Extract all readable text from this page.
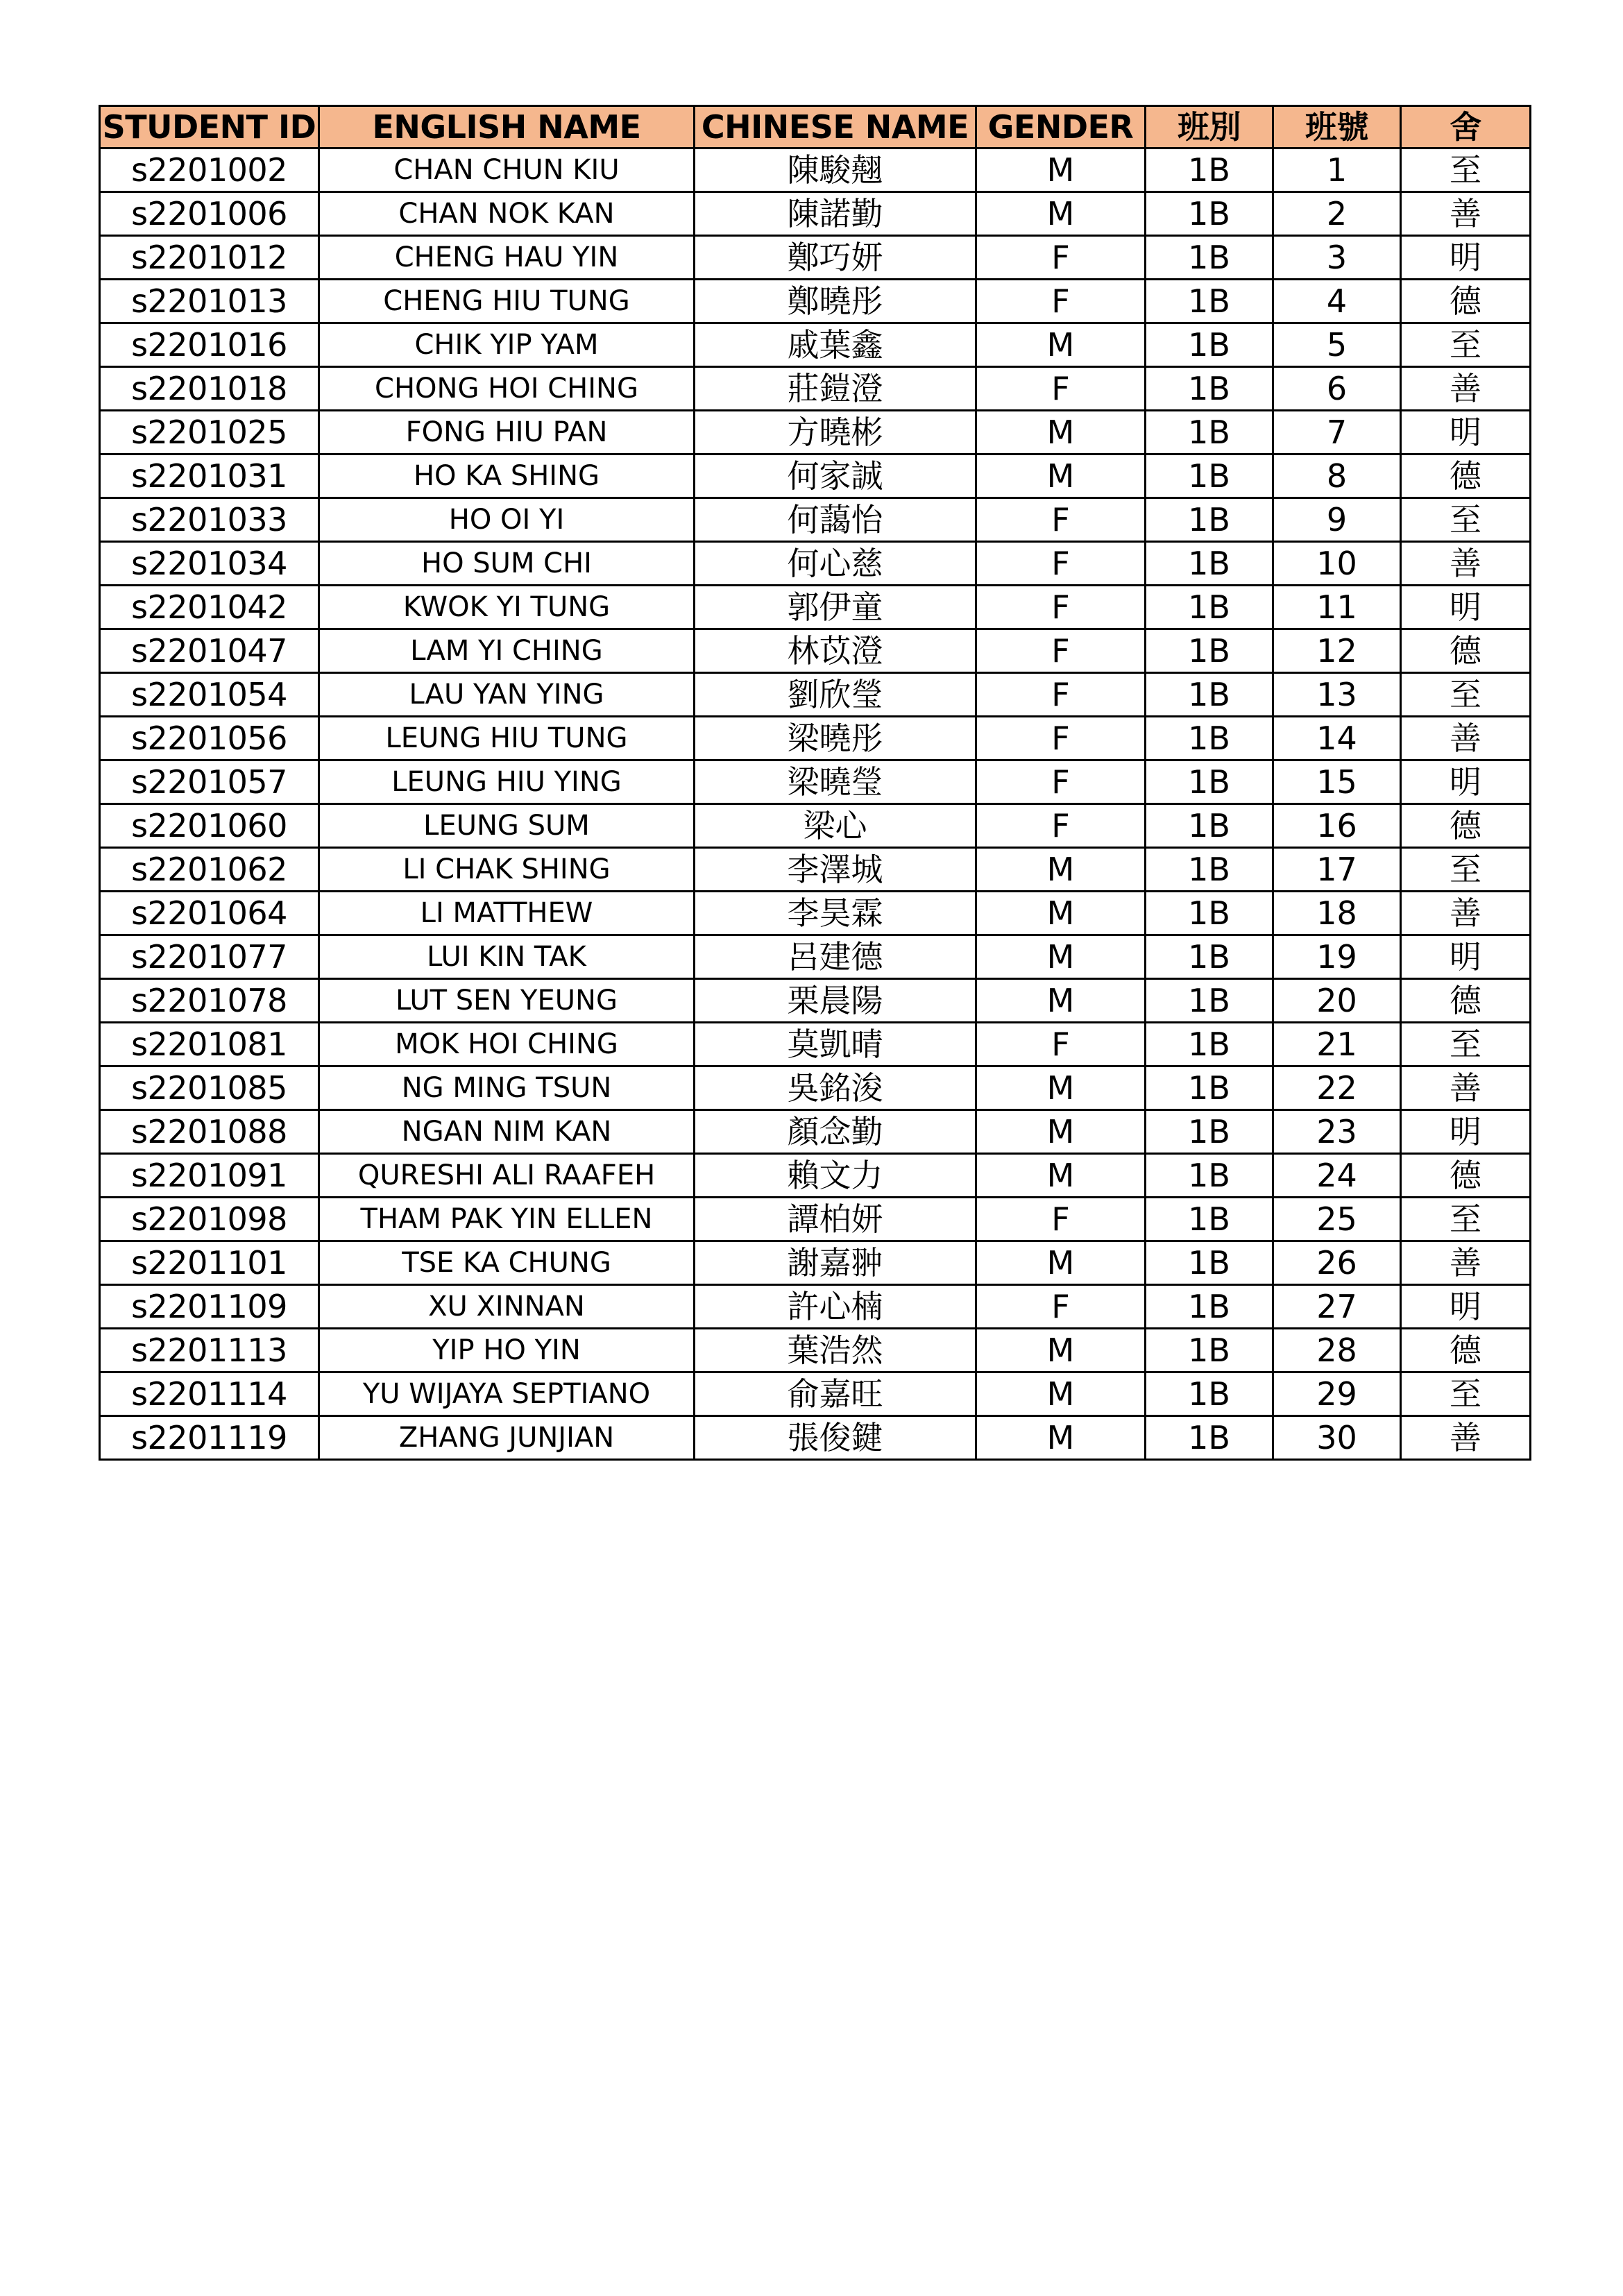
STUDENT ID	ENGLISH NAME	CHINESE NAME	GENDER	班別	班號	舍
s2201002	CHAN CHUN KIU	陳駿翹	M	1B	1	至
s2201006	CHAN NOK KAN	陳諾勤	M	1B	2	善
s2201012	CHENG HAU YIN	鄭巧妍	F	1B	3	明
s2201013	CHENG HIU TUNG	鄭曉彤	F	1B	4	德
s2201016	CHIK YIP YAM	戚葉鑫	M	1B	5	至
s2201018	CHONG HOI CHING	莊鎧澄	F	1B	6	善
s2201025	FONG HIU PAN	方曉彬	M	1B	7	明
s2201031	HO KA SHING	何家誠	M	1B	8	德
s2201033	HO OI YI	何藹怡	F	1B	9	至
s2201034	HO SUM CHI	何心慈	F	1B	10	善
s2201042	KWOK YI TUNG	郭伊童	F	1B	11	明
s2201047	LAM YI CHING	林苡澄	F	1B	12	德
s2201054	LAU YAN YING	劉欣瑩	F	1B	13	至
s2201056	LEUNG HIU TUNG	梁曉彤	F	1B	14	善
s2201057	LEUNG HIU YING	梁曉瑩	F	1B	15	明
s2201060	LEUNG SUM	梁心	F	1B	16	德
s2201062	LI CHAK SHING	李澤城	M	1B	17	至
s2201064	LI MATTHEW	李昊霖	M	1B	18	善
s2201077	LUI KIN TAK	呂建德	M	1B	19	明
s2201078	LUT SEN YEUNG	栗晨陽	M	1B	20	德
s2201081	MOK HOI CHING	莫凱晴	F	1B	21	至
s2201085	NG MING TSUN	吳銘浚	M	1B	22	善
s2201088	NGAN NIM KAN	顏念勤	M	1B	23	明
s2201091	QURESHI ALI RAAFEH	賴文力	M	1B	24	德
s2201098	THAM PAK YIN ELLEN	譚柏妍	F	1B	25	至
s2201101	TSE KA CHUNG	謝嘉翀	M	1B	26	善
s2201109	XU XINNAN	許心楠	F	1B	27	明
s2201113	YIP HO YIN	葉浩然	M	1B	28	德
s2201114	YU WIJAYA SEPTIANO	俞嘉旺	M	1B	29	至
s2201119	ZHANG JUNJIAN	張俊鍵	M	1B	30	善
